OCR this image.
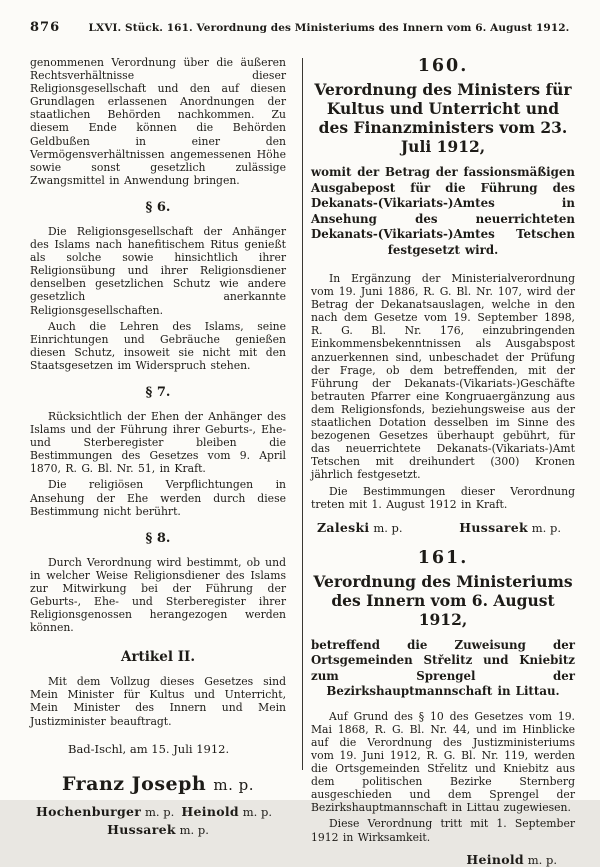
876	LXVI. Stück. 161. Verordnung des Ministeriums des Innern vom 6. August 1912.

genommenen Verordnung über die äußeren Rechtsverhältnisse dieser Religionsgesellschaft und den auf diesen Grundlagen erlassenen Anordnungen der staatlichen Behörden nachkommen. Zu diesem Ende können die Behörden Geldbußen in einer den Vermögensverhältnissen angemessenen Höhe sowie sonst gesetzlich zulässige Zwangsmittel in Anwendung bringen.

§ 6.

Die Religionsgesellschaft der Anhänger des Islams nach hanefitischem Ritus genießt als solche sowie hinsichtlich ihrer Religionsübung und ihrer Religionsdiener denselben gesetzlichen Schutz wie andere gesetzlich anerkannte Religionsgesellschaften.

Auch die Lehren des Islams, seine Einrichtungen und Gebräuche genießen diesen Schutz, insoweit sie nicht mit den Staatsgesetzen im Widerspruch stehen.

§ 7.

Rücksichtlich der Ehen der Anhänger des Islams und der Führung ihrer Geburts-, Ehe- und Sterberegister bleiben die Bestimmungen des Gesetzes vom 9. April 1870, R. G. Bl. Nr. 51, in Kraft.

Die religiösen Verpflichtungen in Ansehung der Ehe werden durch diese Bestimmung nicht berührt.

§ 8.

Durch Verordnung wird bestimmt, ob und in welcher Weise Religionsdiener des Islams zur Mitwirkung bei der Führung der Geburts-, Ehe- und Sterberegister ihrer Religionsgenossen herangezogen werden können.

Artikel II.

Mit dem Vollzug dieses Gesetzes sind Mein Minister für Kultus und Unterricht, Mein Minister des Innern und Mein Justizminister beauftragt.

Bad-Ischl, am 15. Juli 1912.
Franz Joseph m. p.
Hochenburger m. p. Heinold m. p.
Hussarek m. p.
160.
Verordnung des Ministers für Kultus und Unterricht und des Finanzministers vom 23. Juli 1912,
womit der Betrag der fassionsmäßigen Ausgabepost für die Führung des Dekanats-(Vikariats-)Amtes in Ansehung des neuerrichteten Dekanats-(Vikariats-)Amtes Tetschen festgesetzt wird.

In Ergänzung der Ministerialverordnung vom 19. Juni 1886, R. G. Bl. Nr. 107, wird der Betrag der Dekanatsauslagen, welche in den nach dem Gesetze vom 19. September 1898, R. G. Bl. Nr. 176, einzubringenden Einkommensbekenntnissen als Ausgabspost anzuerkennen sind, unbeschadet der Prüfung der Frage, ob dem betreffenden, mit der Führung der Dekanats-(Vikariats-)Geschäfte betrauten Pfarrer eine Kongruaergänzung aus dem Religionsfonds, beziehungsweise aus der staatlichen Dotation desselben im Sinne des bezogenen Gesetzes überhaupt gebührt, für das neuerrichtete Dekanats-(Vikariats-)Amt Tetschen mit dreihundert (300) Kronen jährlich festgesetzt.

Die Bestimmungen dieser Verordnung treten mit 1. August 1912 in Kraft.

Zaleski m. p.	Hussarek m. p.
161.
Verordnung des Ministeriums des Innern vom 6. August 1912,
betreffend die Zuweisung der Ortsgemeinden Střelitz und Kniebitz zum Sprengel der Bezirkshauptmannschaft in Littau.

Auf Grund des § 10 des Gesetzes vom 19. Mai 1868, R. G. Bl. Nr. 44, und im Hinblicke auf die Verordnung des Justizministeriums vom 19. Juni 1912, R. G. Bl. Nr. 119, werden die Ortsgemeinden Střelitz und Kniebitz aus dem politischen Bezirke Sternberg ausgeschieden und dem Sprengel der Bezirkshauptmannschaft in Littau zugewiesen.

Diese Verordnung tritt mit 1. September 1912 in Wirksamkeit.

Heinold m. p.
